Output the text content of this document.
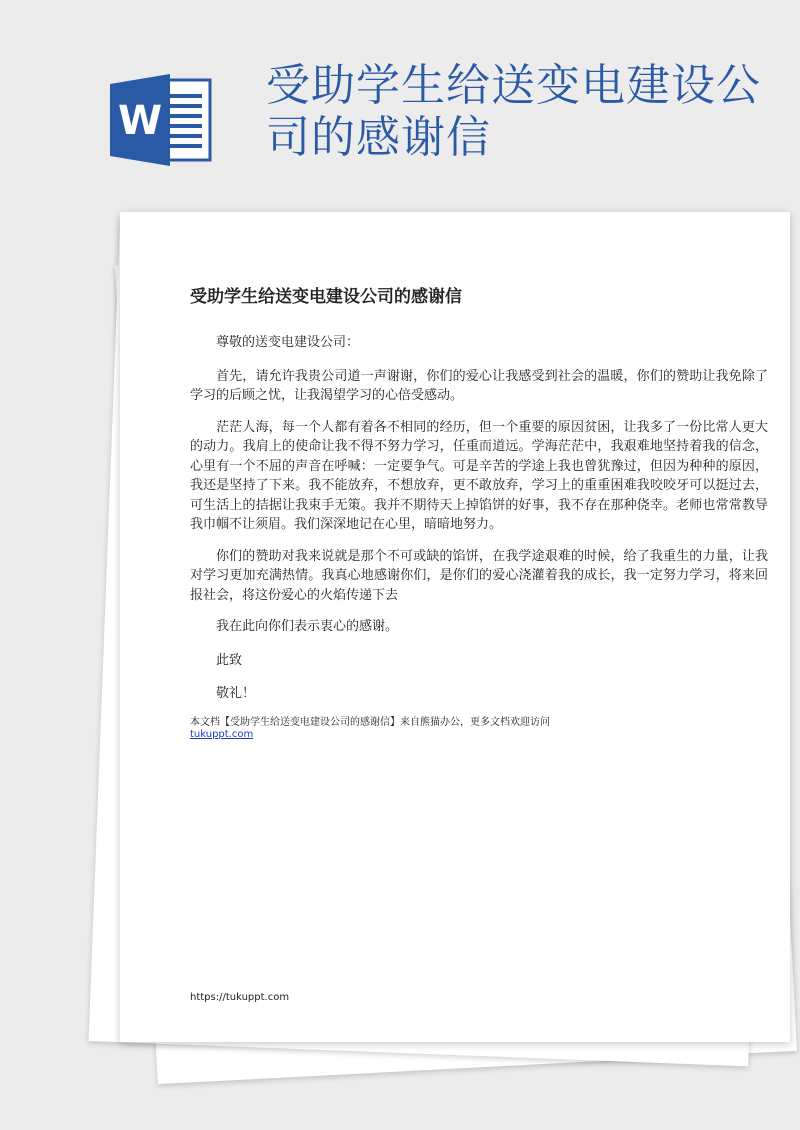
W
受助学生给送变电建设公司的感谢信
受助学生给送变电建设公司的感谢信

尊敬的送变电建设公司：

首先，请允许我贵公司道一声谢谢，你们的爱心让我感受到社会的温暖，你们的赞助让我免除了学习的后顾之忧，让我渴望学习的心倍受感动。

茫茫人海，每一个人都有着各不相同的经历，但一个重要的原因贫困，让我多了一份比常人更大的动力。我肩上的使命让我不得不努力学习，任重而道远。学海茫茫中，我艰难地坚持着我的信念，心里有一个不屈的声音在呼喊：一定要争气。可是辛苦的学途上我也曾犹豫过，但因为种种的原因，我还是坚持了下来。我不能放弃，不想放弃，更不敢放弃，学习上的重重困难我咬咬牙可以挺过去，可生活上的拮据让我束手无策。我并不期待天上掉馅饼的好事，我不存在那种侥幸。老师也常常教导我巾帼不让须眉。我们深深地记在心里，暗暗地努力。

你们的赞助对我来说就是那个不可或缺的馅饼，在我学途艰难的时候，给了我重生的力量，让我对学习更加充满热情。我真心地感谢你们，是你们的爱心浇灌着我的成长，我一定努力学习，将来回报社会，将这份爱心的火焰传递下去

我在此向你们表示衷心的感谢。

此致

敬礼！

本文档【受助学生给送变电建设公司的感谢信】来自熊猫办公，更多文档欢迎访问
tukuppt.com
https://tukuppt.com
